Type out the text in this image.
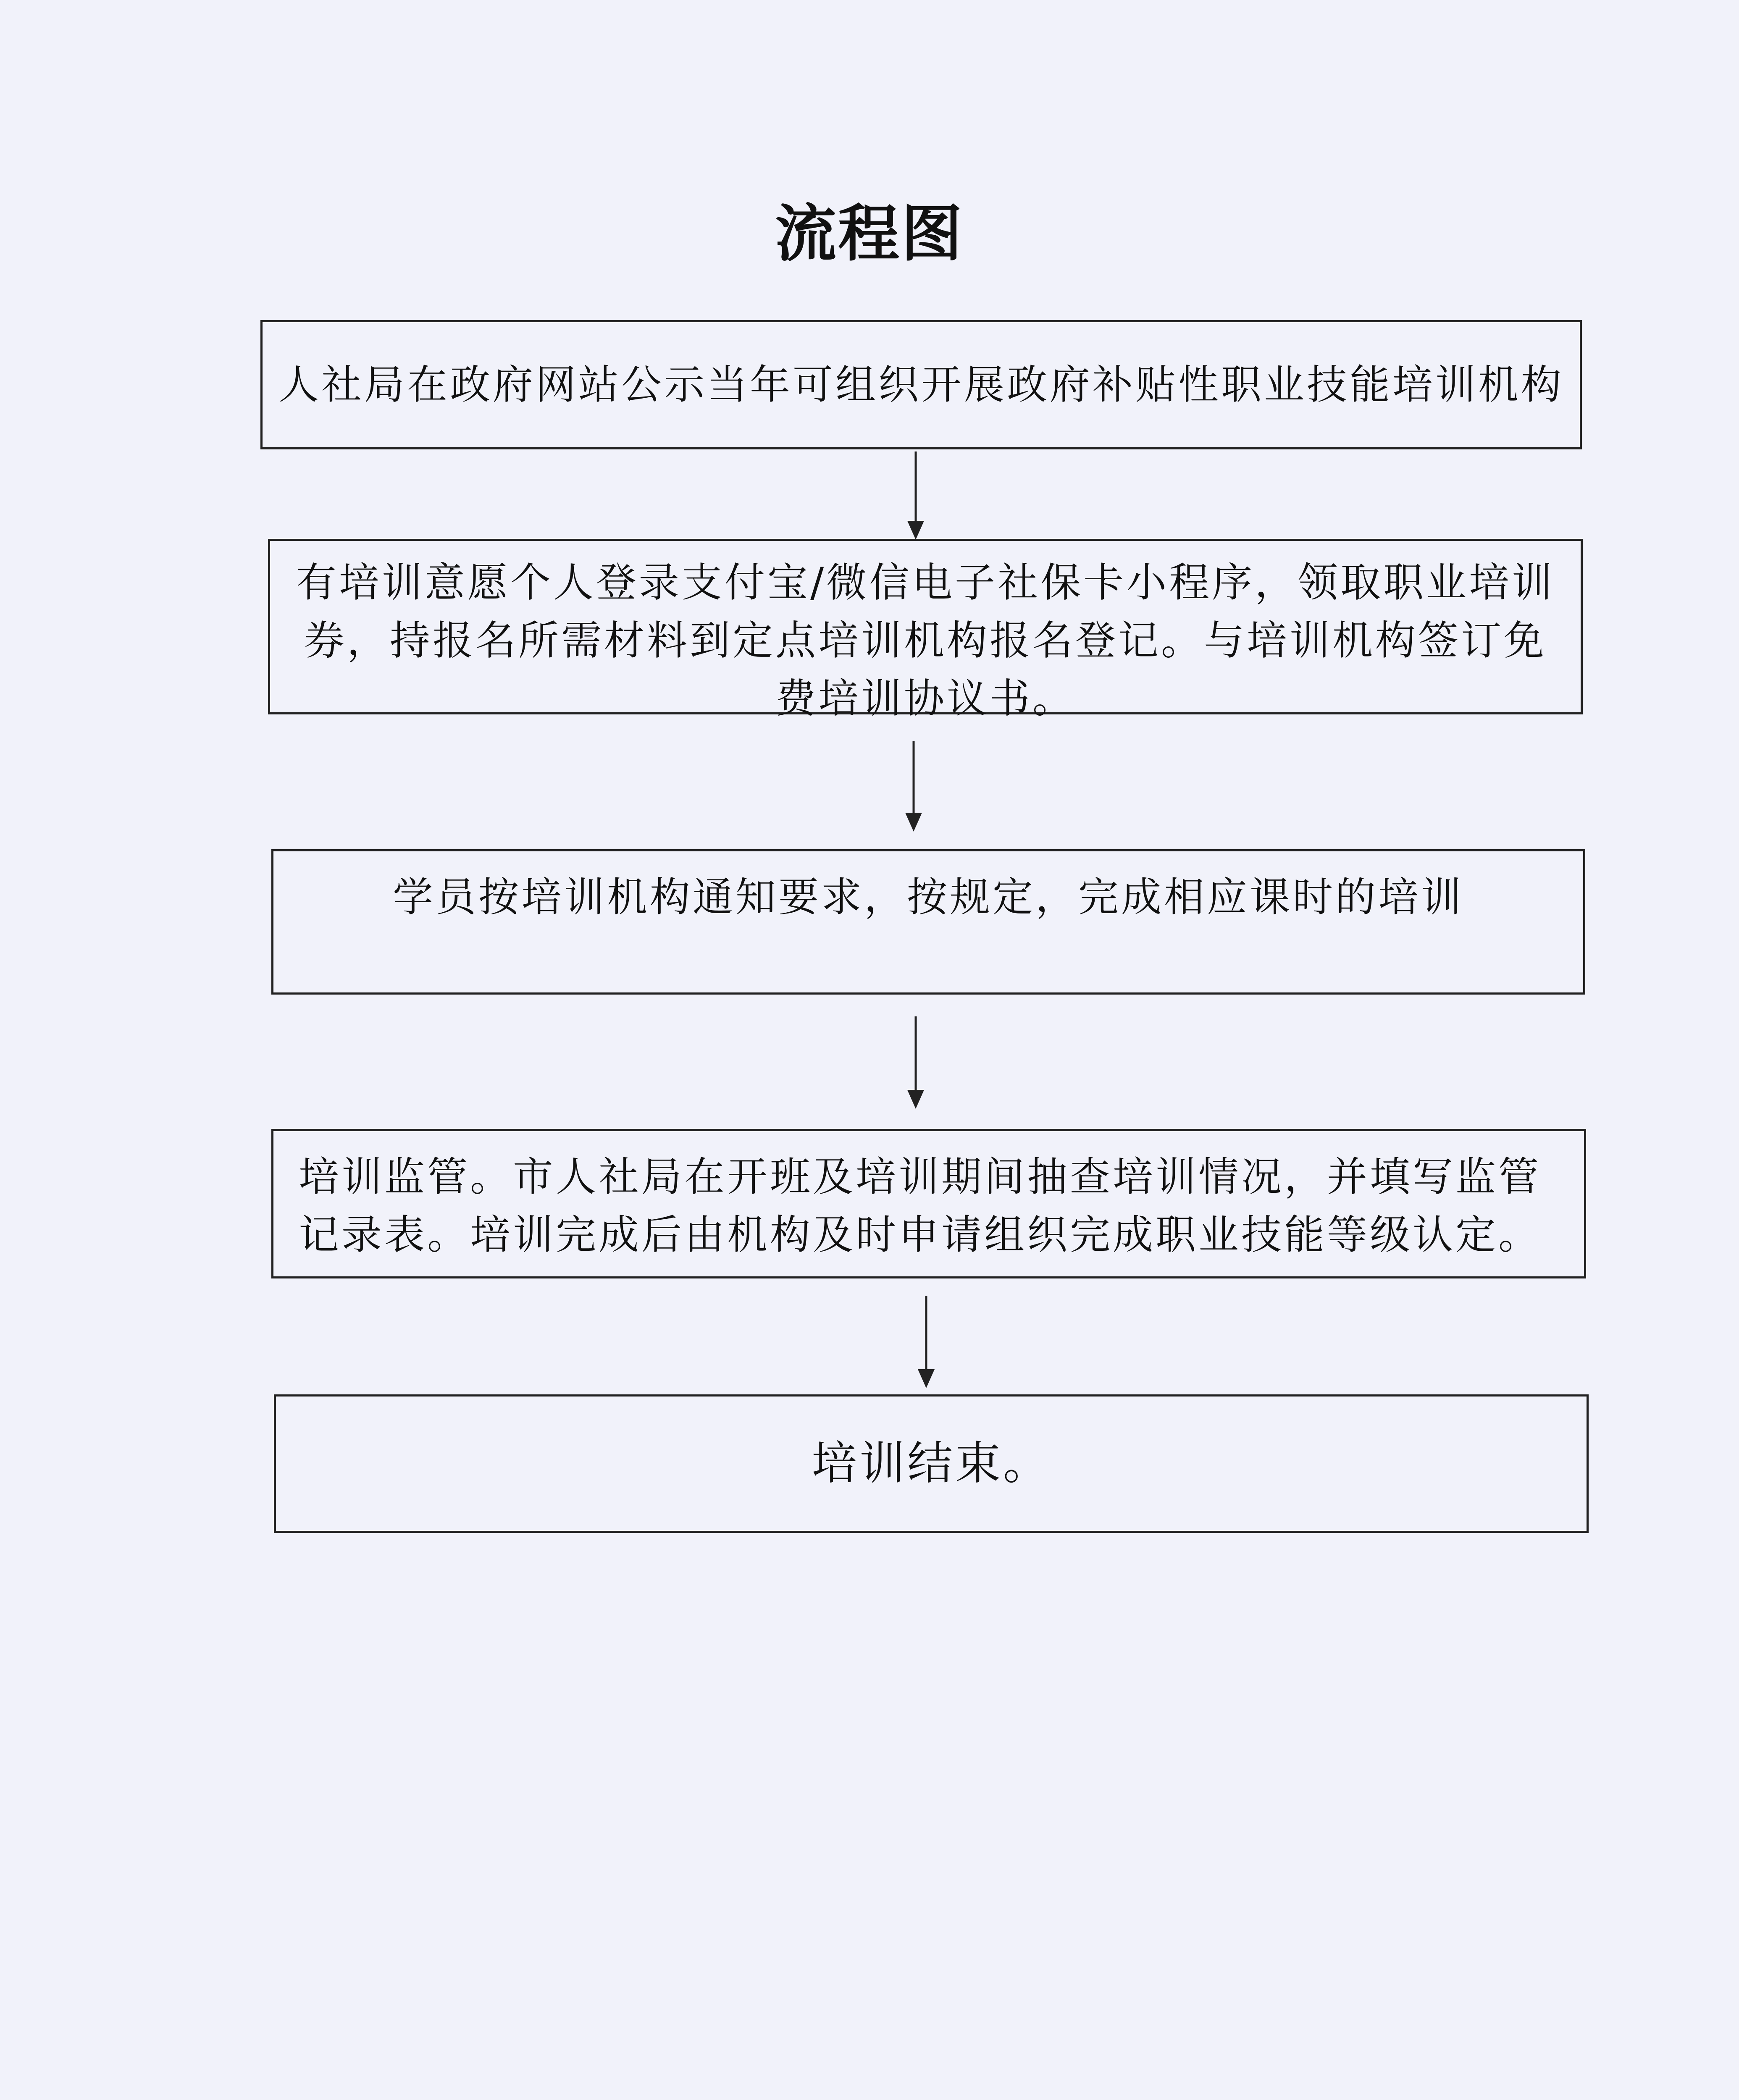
流程图
人社局在政府网站公示当年可组织开展政府补贴性职业技能培训机构
有培训意愿个人登录支付宝/微信电子社保卡小程序，领取职业培训券，持报名所需材料到定点培训机构报名登记。与培训机构签订免费培训协议书。
学员按培训机构通知要求，按规定，完成相应课时的培训
培训监管。市人社局在开班及培训期间抽查培训情况，并填写监管记录表。培训完成后由机构及时申请组织完成职业技能等级认定。
培训结束。
